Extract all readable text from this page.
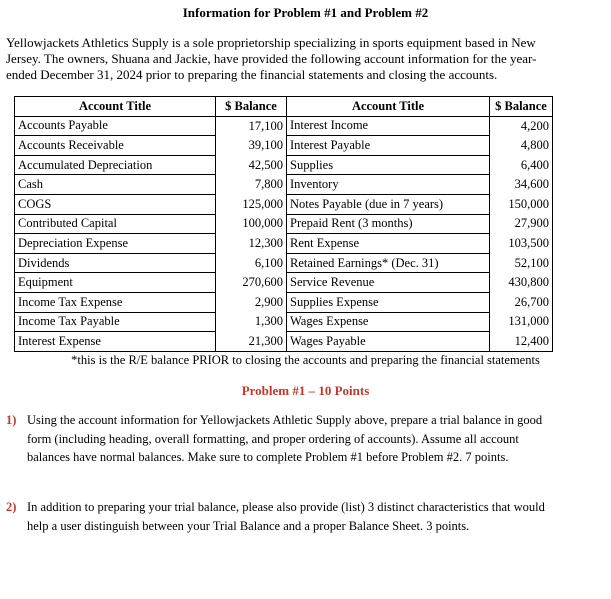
Information for Problem #1 and Problem #2
Yellowjackets Athletics Supply is a sole proprietorship specializing in sports equipment based in New Jersey. The owners, Shuana and Jackie, have provided the following account information for the year-ended December 31, 2024 prior to preparing the financial statements and closing the accounts.
Account Title	$ Balance	Account Title	$ Balance
Accounts Payable	17,100	Interest Income	4,200
Accounts Receivable	39,100	Interest Payable	4,800
Accumulated Depreciation	42,500	Supplies	6,400
Cash	7,800	Inventory	34,600
COGS	125,000	Notes Payable (due in 7 years)	150,000
Contributed Capital	100,000	Prepaid Rent (3 months)	27,900
Depreciation Expense	12,300	Rent Expense	103,500
Dividends	6,100	Retained Earnings* (Dec. 31)	52,100
Equipment	270,600	Service Revenue	430,800
Income Tax Expense	2,900	Supplies Expense	26,700
Income Tax Payable	1,300	Wages Expense	131,000
Interest Expense	21,300	Wages Payable	12,400
*this is the R/E balance PRIOR to closing the accounts and preparing the financial statements
Problem #1 – 10 Points
1) Using the account information for Yellowjackets Athletic Supply above, prepare a trial balance in good form (including heading, overall formatting, and proper ordering of accounts). Assume all account balances have normal balances. Make sure to complete Problem #1 before Problem #2. 7 points.
2) In addition to preparing your trial balance, please also provide (list) 3 distinct characteristics that would help a user distinguish between your Trial Balance and a proper Balance Sheet. 3 points.
